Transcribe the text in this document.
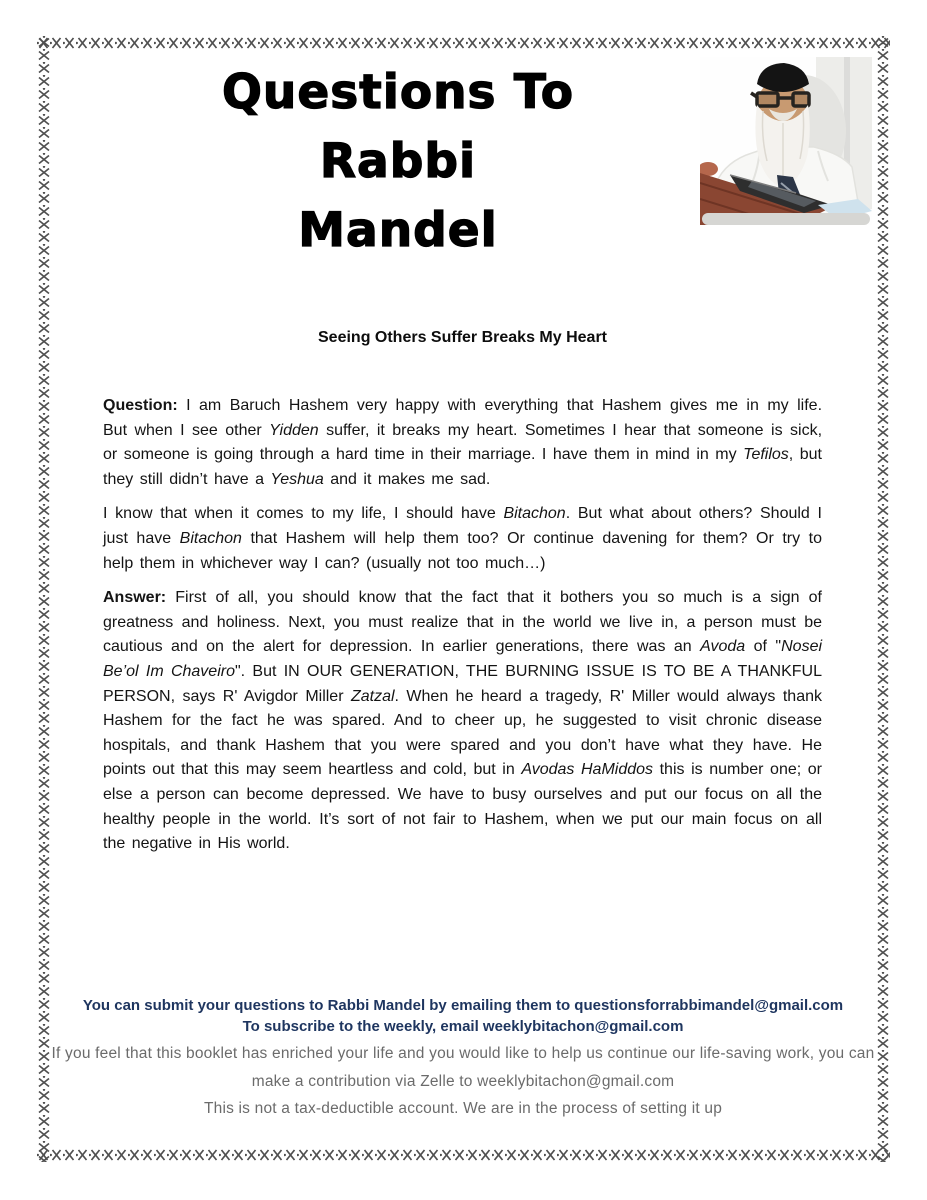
Questions To
Rabbi
Mandel
Seeing Others Suffer Breaks My Heart

Question: I am Baruch Hashem very happy with everything that Hashem gives me in my life. But when I see other Yidden suffer, it breaks my heart. Sometimes I hear that someone is sick, or someone is going through a hard time in their marriage. I have them in mind in my Tefilos, but they still didn’t have a Yeshua and it makes me sad.

I know that when it comes to my life, I should have Bitachon. But what about others? Should I just have Bitachon that Hashem will help them too? Or continue davening for them? Or try to help them in whichever way I can? (usually not too much…)

Answer: First of all, you should know that the fact that it bothers you so much is a sign of greatness and holiness. Next, you must realize that in the world we live in, a person must be cautious and on the alert for depression. In earlier generations, there was an Avoda of "Nosei Be’ol Im Chaveiro". But IN OUR GENERATION, THE BURNING ISSUE IS TO BE A THANKFUL PERSON, says R' Avigdor Miller Zatzal. When he heard a tragedy, R' Miller would always thank Hashem for the fact he was spared. And to cheer up, he suggested to visit chronic disease hospitals, and thank Hashem that you were spared and you don’t have what they have. He points out that this may seem heartless and cold, but in Avodas HaMiddos this is number one; or else a person can become depressed. We have to busy ourselves and put our focus on all the healthy people in the world. It’s sort of not fair to Hashem, when we put our main focus on all the negative in His world.

You can submit your questions to Rabbi Mandel by emailing them to questionsforrabbimandel@gmail.com
To subscribe to the weekly, email weeklybitachon@gmail.com
If you feel that this booklet has enriched your life and you would like to help us continue our life-saving work, you can make a contribution via Zelle to weeklybitachon@gmail.com
This is not a tax-deductible account. We are in the process of setting it up
